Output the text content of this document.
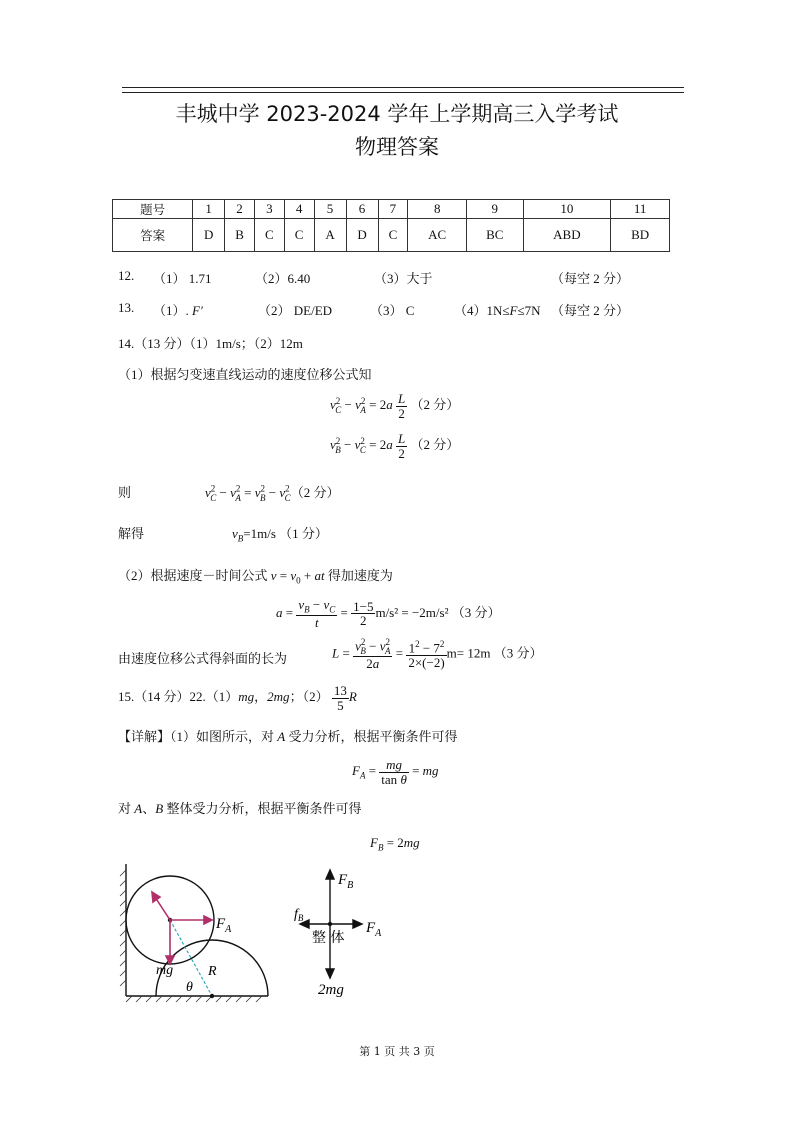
丰城中学 2023-2024 学年上学期高三入学考试
物理答案
题号	1	2	3	4	5	6	7	8	9	10	11
答案	D	B	C	C	A	D	C	AC	BC	ABD	BD
12. （1） 1.71	（2）6.40	（3）大于	（每空 2 分）
13. （1）. F′	（2） DE/ED	（3） C	（4）1N≤F≤7N （每空 2 分）
14.（13 分）（1）1m/s；（2）12m
（1）根据匀变速直线运动的速度位移公式知
$v^2_C - v^2_A = 2a \frac{L}{2} (2$ 分）
$v^2_B - v^2_C = 2a \frac{L}{2} (2$ 分）
则	$v^2_C - v^2_A = v^2_B - v^2_C(2$ 分）
解得	$v_B=1m/s$ （1 分）
（2）根据速度－时间公式 $v = v_0$ + at 得加速度为
$a = \frac{v_B - v_C}{t} = \frac{1-5}{2} m/s^2 = -2m/s^2$ （3 分）
由速度位移公式得斜面的长为	$L = \frac{v^2_B - v^2_A}{2a} = \frac{1^2 - 7^2}{2\times(-2)} m= 12m$ （3 分）
15.（14 分）22.（1）mg，2mg；$(2) \frac{13}{5}$ R
【详解】（1）如图所示，对 A 受力分析，根据平衡条件可得
$F_A = \frac{mg}{\text{tan θ}}$ = mg
对 A、B 整体受力分析，根据平衡条件可得
$F_B = 2mg$
$F_A$
mg R
θ
$F_B$
$f_B$
$F_A$
整 体
2mg
第 1 页 共 3 页
